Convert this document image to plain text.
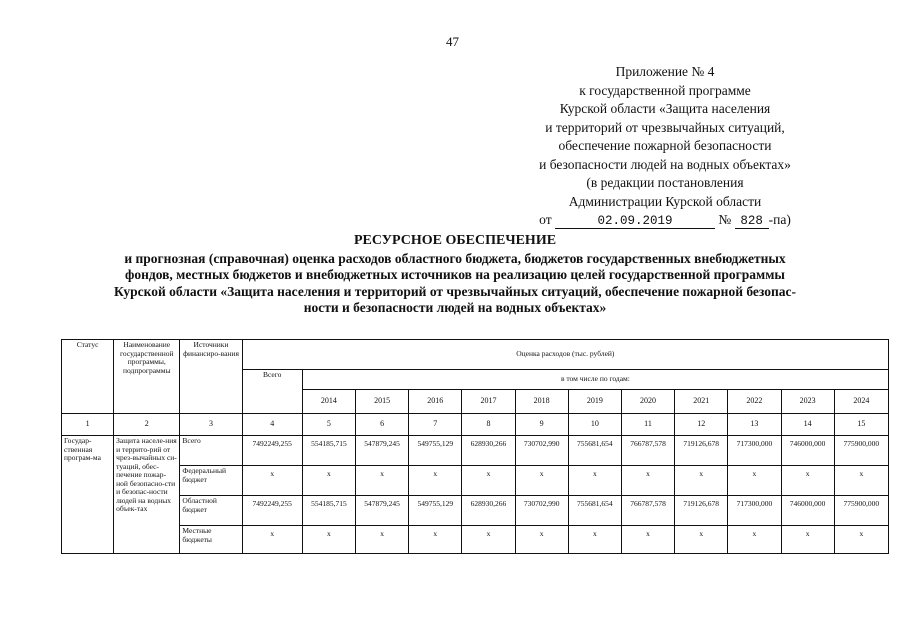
47
Приложение № 4
к государственной программе
Курской области «Защита населения
и территорий от чрезвычайных ситуаций,
обеспечение пожарной безопасности
и безопасности людей на водных объектах»
(в редакции постановления
Администрации Курской области
от	02.09.2019	№ 828 -па)
РЕСУРСНОЕ ОБЕСПЕЧЕНИЕ
и прогнозная (справочная) оценка расходов областного бюджета, бюджетов государственных внебюджетных
фондов, местных бюджетов и внебюджетных источников на реализацию целей государственной программы
Курской области «Защита населения и территорий от чрезвычайных ситуаций, обеспечение пожарной безопас-
ности и безопасности людей на водных объектах»
Статус	Наименование государственной программы, подпрограммы	Источники финансиро-вания	Оценка расходов (тыс. рублей)											
			Всего	в том числе по годам:										
				2014	2015	2016	2017	2018	2019	2020	2021	2022	2023	2024
1	2	3	4	5	6	7	8	9	10	11	12	13	14	15
Государ-ственная програм-ма	Защита населе-ния и террито-рий от чрез-вычайных си-туаций, обес-печение пожар-ной безопасно-сти и безопас-ности людей на водных объек-тах	Всего	7492249,255	554185,715	547879,245	549755,129	628930,266	730702,990	755681,654	766787,578	719126,678	717300,000	746000,000	775900,000
		Федеральный бюджет	x	x	x	x	x	x	x	x	x	x	x	x
		Областной бюджет	7492249,255	554185,715	547879,245	549755,129	628930,266	730702,990	755681,654	766787,578	719126,678	717300,000	746000,000	775900,000
		Местные бюджеты	x	x	x	x	x	x	x	x	x	x	x	x
